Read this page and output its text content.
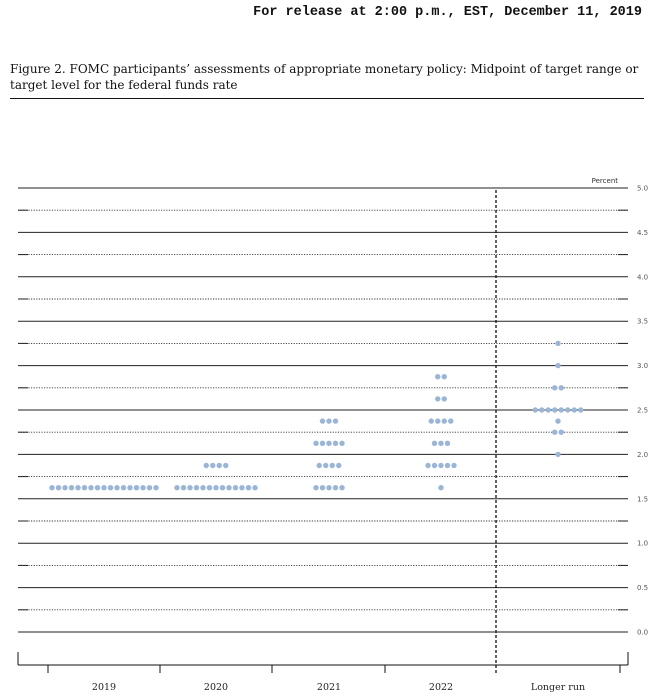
For release at 2:00 p.m., EST, December 11, 2019
Figure 2. FOMC participants’ assessments of appropriate monetary policy: Midpoint of target range or target level for the federal funds rate
Percent
0.0
0.5
1.0
1.5
2.0
2.5
3.0
3.5
4.0
4.5
5.0
2019	2020	2021	2022	Longer run
